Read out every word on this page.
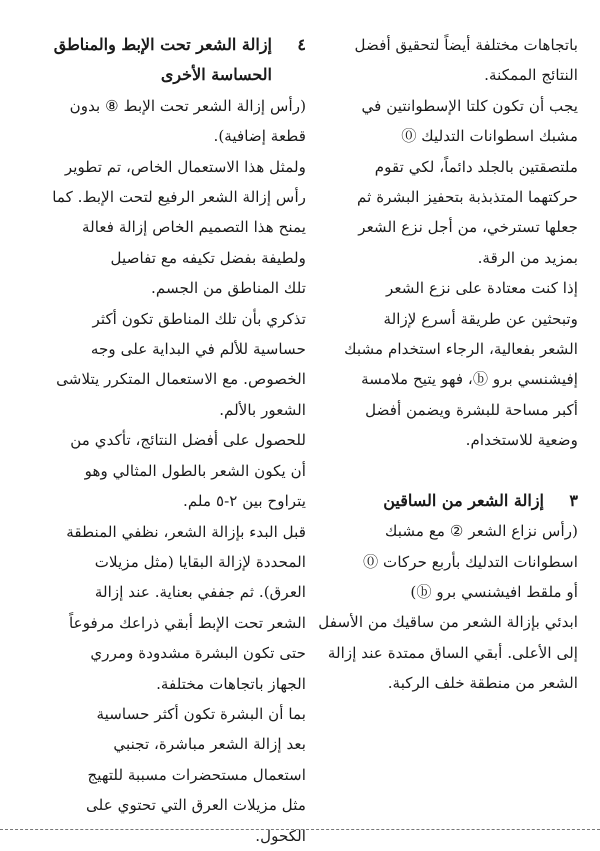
باتجاهات مختلفة أيضاً لتحقيق أفضل
النتائج الممكنة.

يجب أن تكون كلتا الإسطوانتين في
مشبك اسطوانات التدليك ⓪
ملتصقتين بالجلد دائماً، لكي تقوم
حركتهما المتذبذبة بتحفيز البشرة ثم
جعلها تسترخي، من أجل نزع الشعر
بمزيد من الرقة.

إذا كنت معتادة على نزع الشعر
وتبحثين عن طريقة أسرع لإزالة
الشعر بفعالية، الرجاء استخدام مشبك
إفيشنسي برو ⓑ، فهو يتيح ملامسة
أكبر مساحة للبشرة ويضمن أفضل
وضعية للاستخدام.

٣
إزالة الشعر من الساقين

(رأس نزاع الشعر ② مع مشبك
اسطوانات التدليك بأربع حركات ⓪
أو ملقط افيشنسي برو ⓑ)
ابدئي بإزالة الشعر من ساقيك من الأسفل
إلى الأعلى. أبقي الساق ممتدة عند إزالة
الشعر من منطقة خلف الركبة.

٤
إزالة الشعر تحت الإبط والمناطق
الحساسة الأخرى

(رأس إزالة الشعر تحت الإبط ⑧ بدون
قطعة إضافية).

ولمثل هذا الاستعمال الخاص، تم تطوير
رأس إزالة الشعر الرفيع لتحت الإبط. كما
يمنح هذا التصميم الخاص إزالة فعالة
ولطيفة بفضل تكيفه مع تفاصيل
تلك المناطق من الجسم.

تذكري بأن تلك المناطق تكون أكثر
حساسية للألم في البداية على وجه
الخصوص. مع الاستعمال المتكرر يتلاشى
الشعور بالألم.

للحصول على أفضل النتائج، تأكدي من
أن يكون الشعر بالطول المثالي وهو
يتراوح بين ٢-٥ ملم.

قبل البدء بإزالة الشعر، نظفي المنطقة
المحددة لإزالة البقايا (مثل مزيلات
العرق). ثم جففي بعناية. عند إزالة
الشعر تحت الإبط أبقي ذراعك مرفوعاً
حتى تكون البشرة مشدودة ومرري
الجهاز باتجاهات مختلفة.

بما أن البشرة تكون أكثر حساسية
بعد إزالة الشعر مباشرة، تجنبي
استعمال مستحضرات مسببة للتهيج
مثل مزيلات العرق التي تحتوي على
الكحول.
